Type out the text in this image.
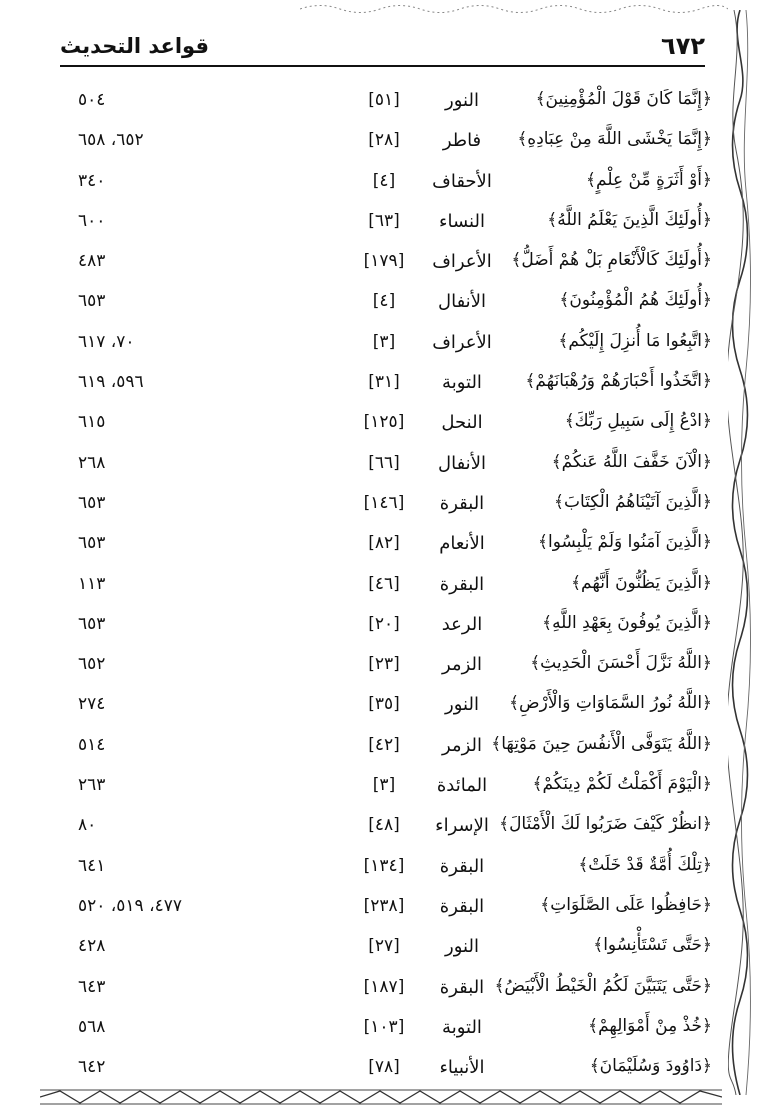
٦٧٢
قواعد التحديث
﴿إِنَّمَا كَانَ قَوْلَ الْمُؤْمِنِينَ﴾
النور
[٥١]
٥٠٤
﴿إِنَّمَا يَخْشَى اللَّهَ مِنْ عِبَادِهِ﴾
فاطر
[٢٨]
٦٥٢، ٦٥٨
﴿أَوْ أَثَرَةٍ مِّنْ عِلْمٍ﴾
الأحقاف
[٤]
٣٤٠
﴿أُولَئِكَ الَّذِينَ يَعْلَمُ اللَّهُ﴾
النساء
[٦٣]
٦٠٠
﴿أُولَئِكَ كَالْأَنْعَامِ بَلْ هُمْ أَضَلُّ﴾
الأعراف
[١٧٩]
٤٨٣
﴿أُولَئِكَ هُمُ الْمُؤْمِنُونَ﴾
الأنفال
[٤]
٦٥٣
﴿اتَّبِعُوا مَا أُنزِلَ إِلَيْكُم﴾
الأعراف
[٣]
٧٠، ٦١٧
﴿اتَّخَذُوا أَحْبَارَهُمْ وَرُهْبَانَهُمْ﴾
التوبة
[٣١]
٥٩٦، ٦١٩
﴿ادْعُ إِلَى سَبِيلِ رَبِّكَ﴾
النحل
[١٢٥]
٦١٥
﴿الْآنَ خَفَّفَ اللَّهُ عَنكُمْ﴾
الأنفال
[٦٦]
٢٦٨
﴿الَّذِينَ آتَيْنَاهُمُ الْكِتَابَ﴾
البقرة
[١٤٦]
٦٥٣
﴿الَّذِينَ آمَنُوا وَلَمْ يَلْبِسُوا﴾
الأنعام
[٨٢]
٦٥٣
﴿الَّذِينَ يَظُنُّونَ أَنَّهُم﴾
البقرة
[٤٦]
١١٣
﴿الَّذِينَ يُوفُونَ بِعَهْدِ اللَّهِ﴾
الرعد
[٢٠]
٦٥٣
﴿اللَّهُ نَزَّلَ أَحْسَنَ الْحَدِيثِ﴾
الزمر
[٢٣]
٦٥٢
﴿اللَّهُ نُورُ السَّمَاوَاتِ وَالْأَرْضِ﴾
النور
[٣٥]
٢٧٤
﴿اللَّهُ يَتَوَفَّى الْأَنفُسَ حِينَ مَوْتِهَا﴾
الزمر
[٤٢]
٥١٤
﴿الْيَوْمَ أَكْمَلْتُ لَكُمْ دِينَكُمْ﴾
المائدة
[٣]
٢٦٣
﴿انظُرْ كَيْفَ ضَرَبُوا لَكَ الْأَمْثَالَ﴾
الإسراء
[٤٨]
٨٠
﴿تِلْكَ أُمَّةٌ قَدْ خَلَتْ﴾
البقرة
[١٣٤]
٦٤١
﴿حَافِظُوا عَلَى الصَّلَوَاتِ﴾
البقرة
[٢٣٨]
٤٧٧، ٥١٩، ٥٢٠
﴿حَتَّى تَسْتَأْنِسُوا﴾
النور
[٢٧]
٤٢٨
﴿حَتَّى يَتَبَيَّنَ لَكُمُ الْخَيْطُ الْأَبْيَضُ﴾
البقرة
[١٨٧]
٦٤٣
﴿خُذْ مِنْ أَمْوَالِهِمْ﴾
التوبة
[١٠٣]
٥٦٨
﴿دَاوُودَ وَسُلَيْمَانَ﴾
الأنبياء
[٧٨]
٦٤٢
